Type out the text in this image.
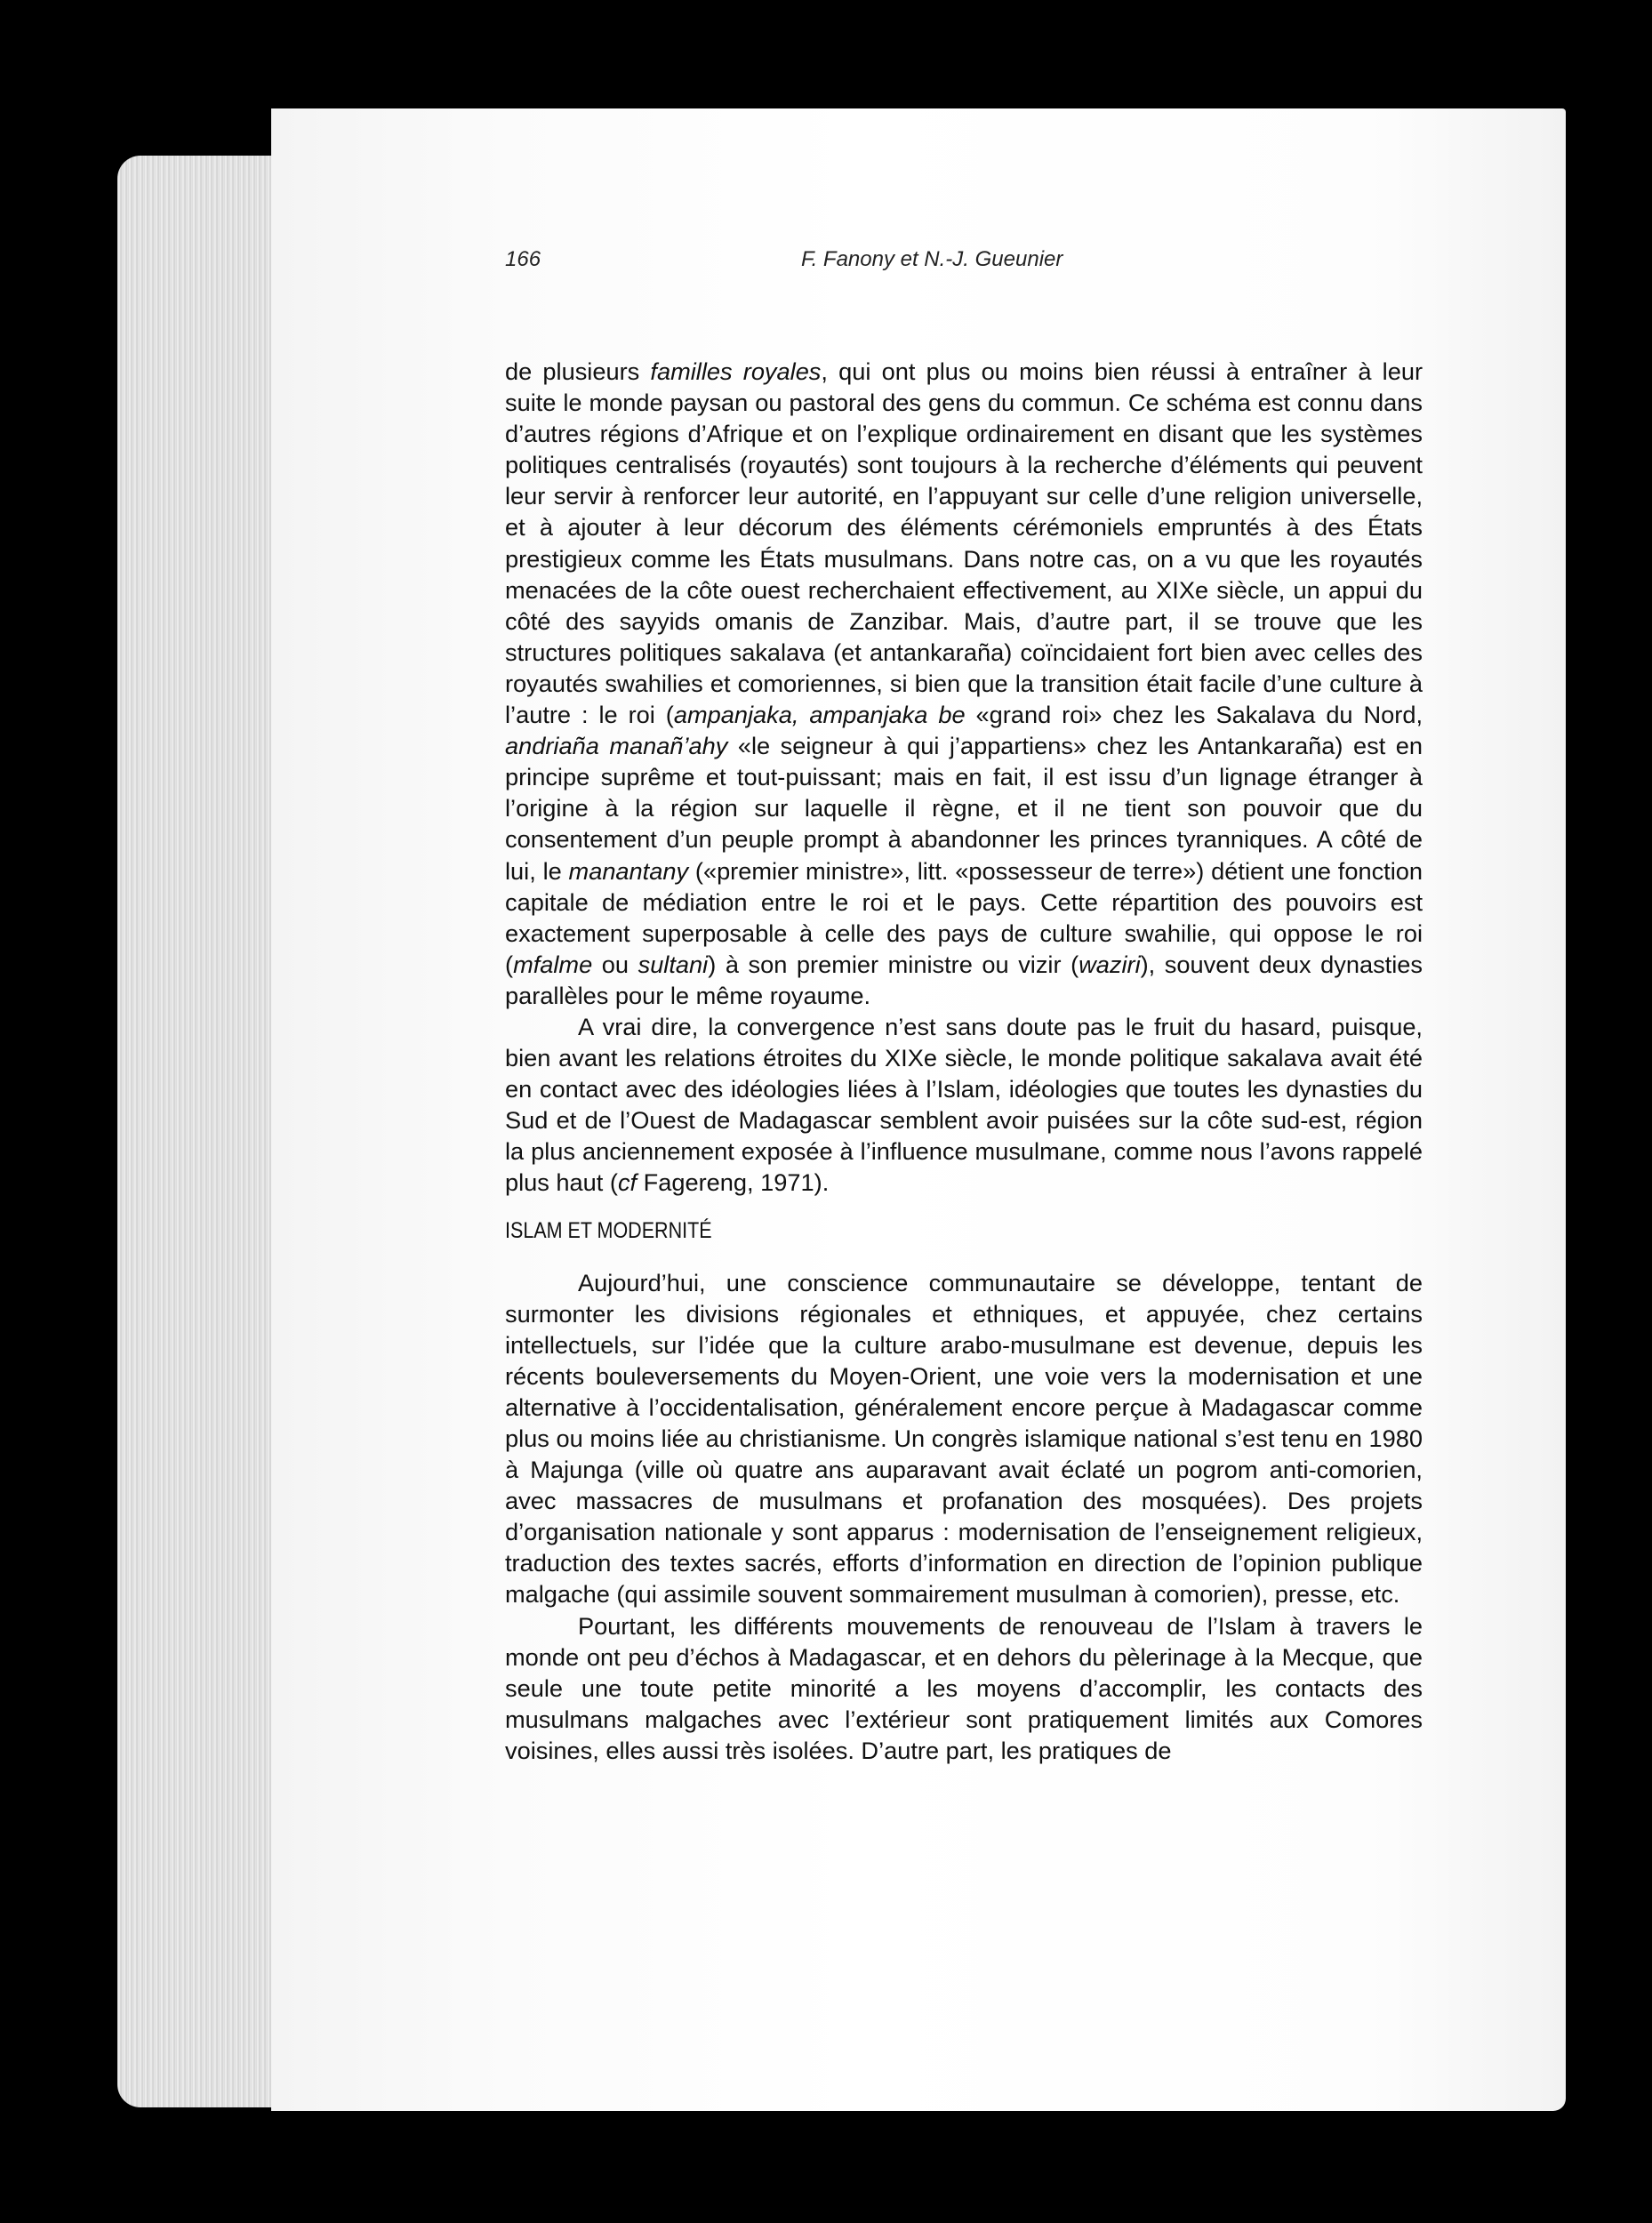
166	F. Fanony et N.-J. Gueunier

de plusieurs familles royales, qui ont plus ou moins bien réussi à entraîner à leur suite le monde paysan ou pastoral des gens du commun. Ce schéma est connu dans d’autres régions d’Afrique et on l’explique ordinairement en disant que les systèmes politiques centralisés (royautés) sont toujours à la recherche d’éléments qui peuvent leur servir à renforcer leur autorité, en l’appuyant sur celle d’une religion universelle, et à ajouter à leur décorum des éléments cérémoniels empruntés à des États prestigieux comme les États musulmans. Dans notre cas, on a vu que les royautés menacées de la côte ouest recherchaient effectivement, au XIXe siècle, un appui du côté des sayyids omanis de Zanzibar. Mais, d’autre part, il se trouve que les structures politiques sakalava (et antankaraña) coïncidaient fort bien avec celles des royautés swahilies et comoriennes, si bien que la transition était facile d’une culture à l’autre : le roi (ampanjaka, ampanjaka be «grand roi» chez les Sakalava du Nord, andriaña manañ’ahy «le seigneur à qui j’appartiens» chez les Antankaraña) est en principe suprême et tout-puissant; mais en fait, il est issu d’un lignage étranger à l’origine à la région sur laquelle il règne, et il ne tient son pouvoir que du consentement d’un peuple prompt à abandonner les princes tyranniques. A côté de lui, le manantany («premier ministre», litt. «possesseur de terre») détient une fonction capitale de médiation entre le roi et le pays. Cette répartition des pouvoirs est exactement superposable à celle des pays de culture swahilie, qui oppose le roi (mfalme ou sultani) à son premier ministre ou vizir (waziri), souvent deux dynasties parallèles pour le même royaume.

A vrai dire, la convergence n’est sans doute pas le fruit du hasard, puisque, bien avant les relations étroites du XIXe siècle, le monde politique sakalava avait été en contact avec des idéologies liées à l’Islam, idéologies que toutes les dynasties du Sud et de l’Ouest de Madagascar semblent avoir puisées sur la côte sud-est, région la plus anciennement exposée à l’influence musulmane, comme nous l’avons rappelé plus haut (cf Fagereng, 1971).

ISLAM ET MODERNITÉ

Aujourd’hui, une conscience communautaire se développe, tentant de surmonter les divisions régionales et ethniques, et appuyée, chez certains intellectuels, sur l’idée que la culture arabo-musulmane est devenue, depuis les récents bouleversements du Moyen-Orient, une voie vers la modernisation et une alternative à l’occidentalisation, généralement encore perçue à Madagascar comme plus ou moins liée au christianisme. Un congrès islamique national s’est tenu en 1980 à Majunga (ville où quatre ans auparavant avait éclaté un pogrom anti-comorien, avec massacres de musulmans et profanation des mosquées). Des projets d’organisation nationale y sont apparus : modernisation de l’enseignement religieux, traduction des textes sacrés, efforts d’information en direction de l’opinion publique malgache (qui assimile souvent sommairement musulman à comorien), presse, etc.

Pourtant, les différents mouvements de renouveau de l’Islam à travers le monde ont peu d’échos à Madagascar, et en dehors du pèlerinage à la Mecque, que seule une toute petite minorité a les moyens d’accomplir, les contacts des musulmans malgaches avec l’extérieur sont pratiquement limités aux Comores voisines, elles aussi très isolées. D’autre part, les pratiques de
